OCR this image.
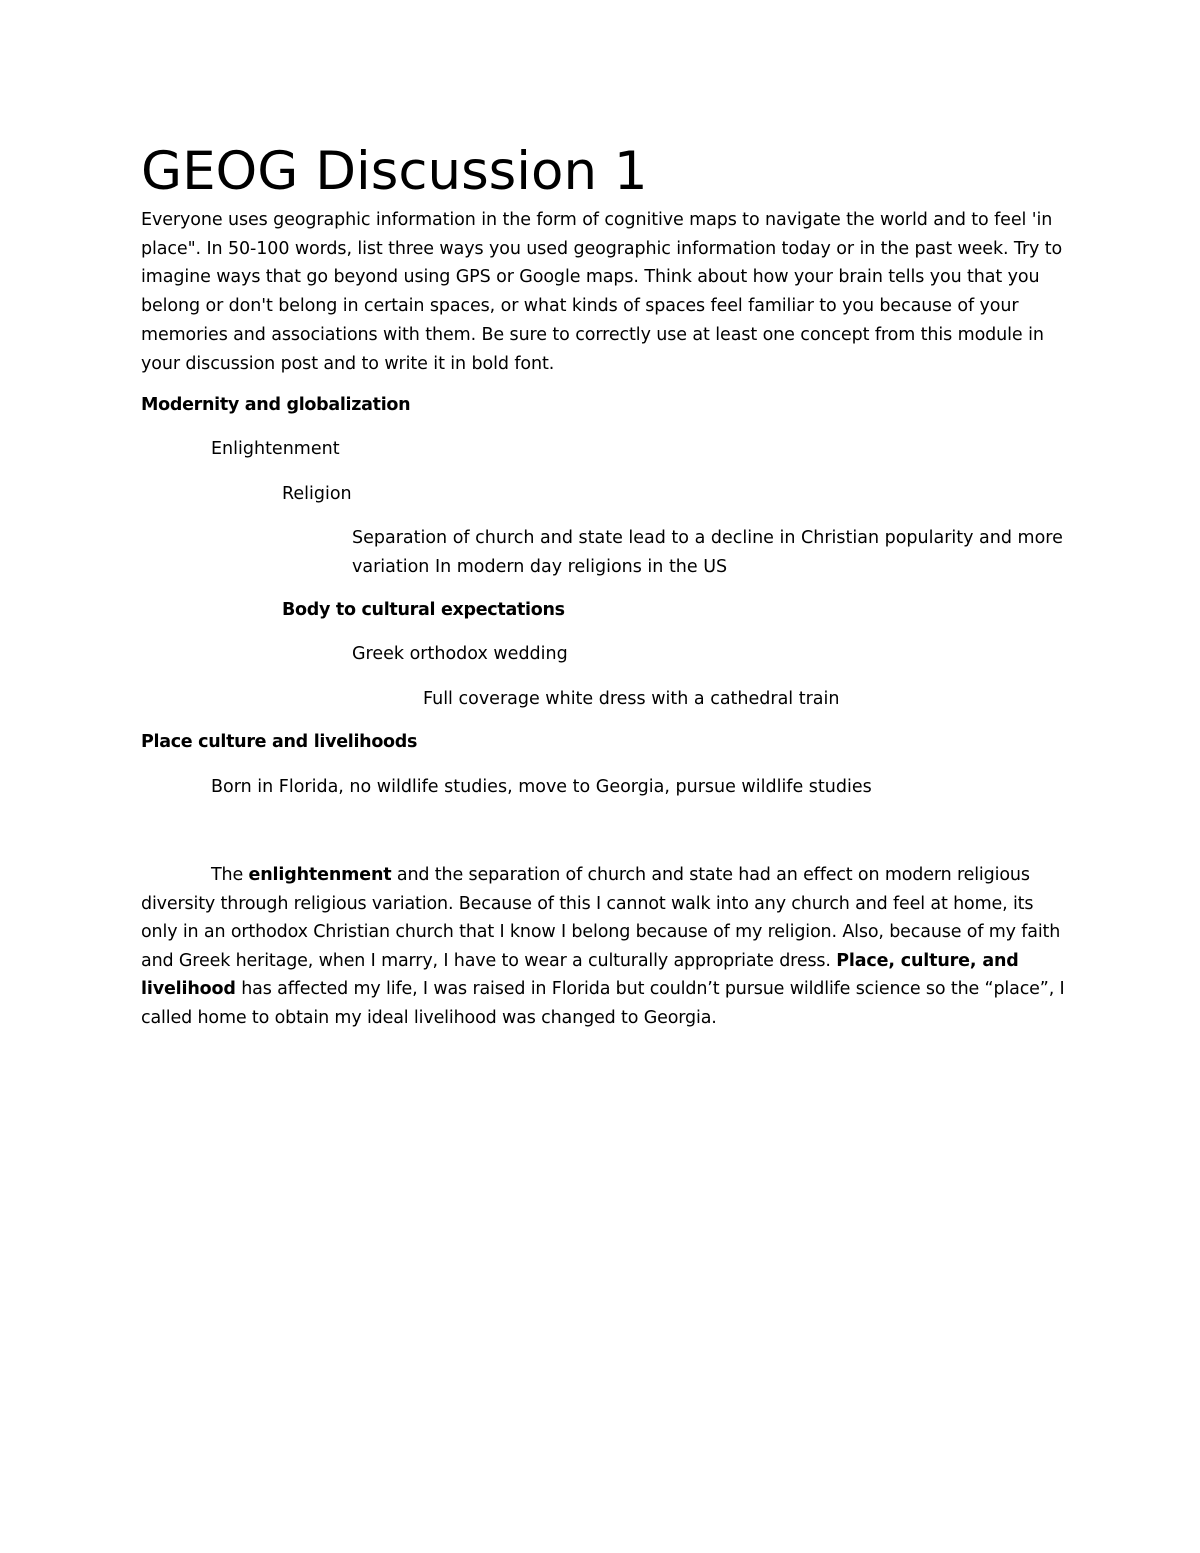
GEOG Discussion 1

Everyone uses geographic information in the form of cognitive maps to navigate the world and to feel 'in place". In 50-100 words, list three ways you used geographic information today or in the past week. Try to imagine ways that go beyond using GPS or Google maps. Think about how your brain tells you that you belong or don't belong in certain spaces, or what kinds of spaces feel familiar to you because of your memories and associations with them. Be sure to correctly use at least one concept from this module in your discussion post and to write it in bold font.

Modernity and globalization

Enlightenment

Religion

Separation of church and state lead to a decline in Christian popularity and more variation In modern day religions in the US

Body to cultural expectations

Greek orthodox wedding

Full coverage white dress with a cathedral train

Place culture and livelihoods

Born in Florida, no wildlife studies, move to Georgia, pursue wildlife studies

The enlightenment and the separation of church and state had an effect on modern religious diversity through religious variation. Because of this I cannot walk into any church and feel at home, its only in an orthodox Christian church that I know I belong because of my religion. Also, because of my faith and Greek heritage, when I marry, I have to wear a culturally appropriate dress. Place, culture, and livelihood has affected my life, I was raised in Florida but couldn’t pursue wildlife science so the “place”, I called home to obtain my ideal livelihood was changed to Georgia.
